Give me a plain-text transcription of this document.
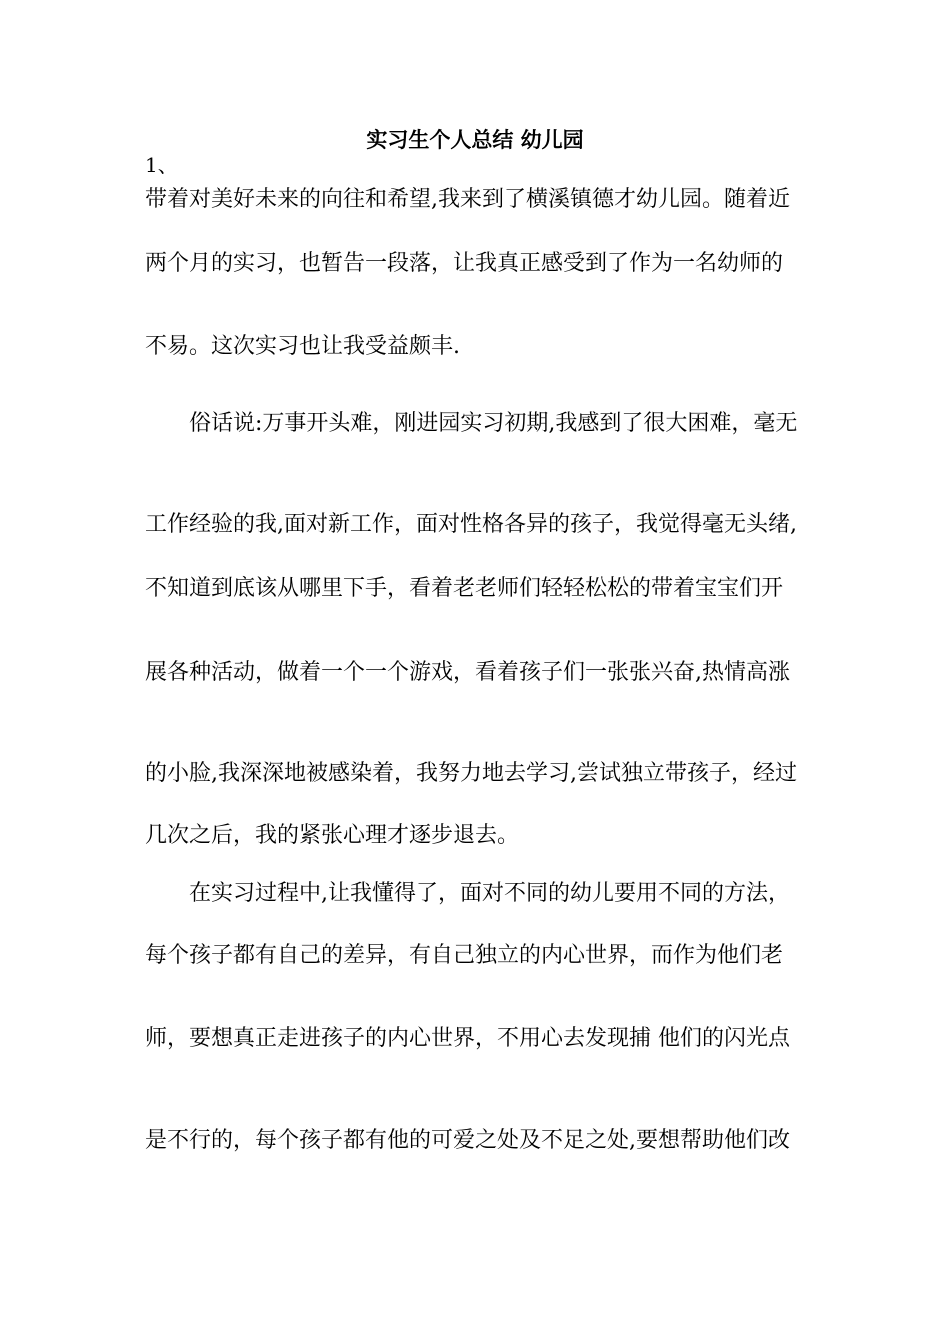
实习生个人总结 幼儿园
1、
带着对美好未来的向往和希望,我来到了横溪镇德才幼儿园。随着近
两个月的实习，也暂告一段落，让我真正感受到了作为一名幼师的
不易。这次实习也让我受益颇丰.
俗话说:万事开头难，刚进园实习初期,我感到了很大困难，毫无
工作经验的我,面对新工作，面对性格各异的孩子，我觉得毫无头绪,
不知道到底该从哪里下手，看着老老师们轻轻松松的带着宝宝们开
展各种活动，做着一个一个游戏，看着孩子们一张张兴奋,热情高涨
的小脸,我深深地被感染着，我努力地去学习,尝试独立带孩子，经过
几次之后，我的紧张心理才逐步退去。
在实习过程中,让我懂得了，面对不同的幼儿要用不同的方法，
每个孩子都有自己的差异，有自己独立的内心世界，而作为他们老
师，要想真正走进孩子的内心世界，不用心去发现捕 他们的闪光点
是不行的，每个孩子都有他的可爱之处及不足之处,要想帮助他们改
